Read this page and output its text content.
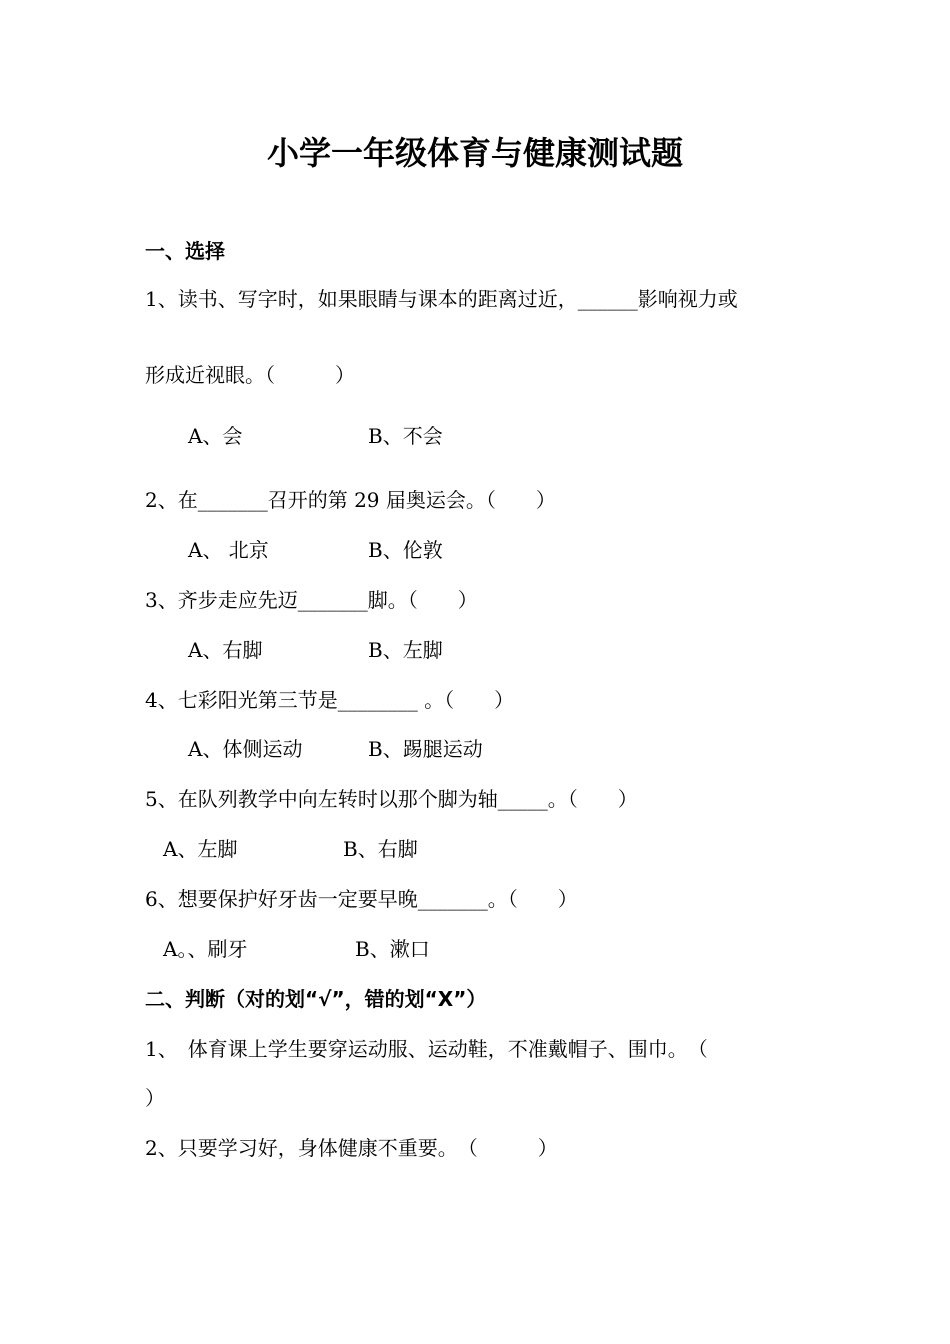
小学一年级体育与健康测试题
一、选择
1、读书、写字时，如果眼睛与课本的距离过近，______影响视力或
形成近视眼。（　　　）
A、会	B、不会
2、在_______召开的第 29 届奥运会。（　　）
A、 北京	B、伦敦
3、齐步走应先迈_______脚。（　　）
A、右脚	B、左脚
4、七彩阳光第三节是________ 。（　　）
A、体侧运动	B、踢腿运动
5、在队列教学中向左转时以那个脚为轴_____。（　　）
A、左脚	B、右脚
6、想要保护好牙齿一定要早晚_______。（　　）
A。、刷牙	B、漱口
二、判断（对的划“√”，错的划“X”）
1、　体育课上学生要穿运动服、运动鞋，不准戴帽子、围巾。　（
）
2、只要学习好，身体健康不重要。　（　　　）
